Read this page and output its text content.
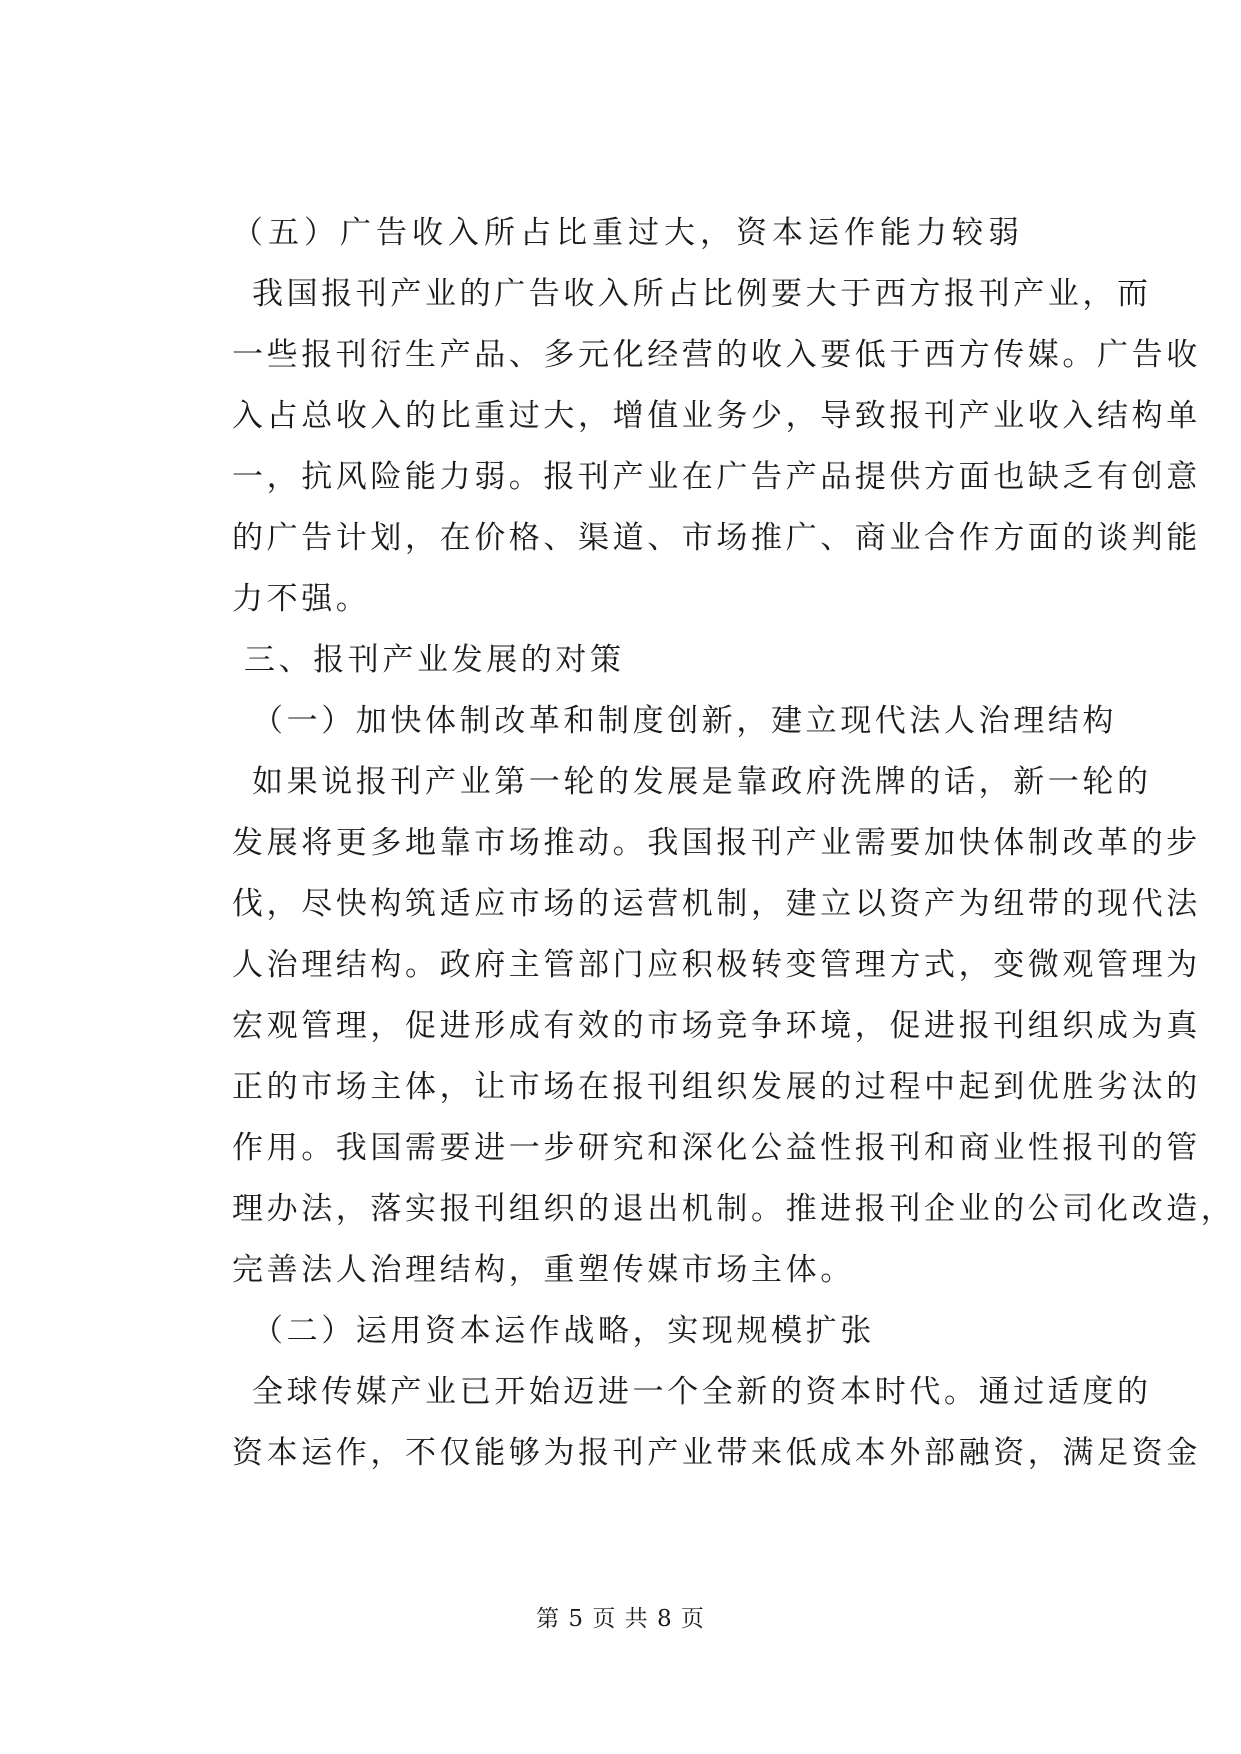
（五）广告收入所占比重过大，资本运作能力较弱
我国报刊产业的广告收入所占比例要大于西方报刊产业，而
一些报刊衍生产品、多元化经营的收入要低于西方传媒。广告收
入占总收入的比重过大，增值业务少，导致报刊产业收入结构单
一，抗风险能力弱。报刊产业在广告产品提供方面也缺乏有创意
的广告计划，在价格、渠道、市场推广、商业合作方面的谈判能
力不强。
三、报刊产业发展的对策
（一）加快体制改革和制度创新，建立现代法人治理结构
如果说报刊产业第一轮的发展是靠政府洗牌的话，新一轮的
发展将更多地靠市场推动。我国报刊产业需要加快体制改革的步
伐，尽快构筑适应市场的运营机制，建立以资产为纽带的现代法
人治理结构。政府主管部门应积极转变管理方式，变微观管理为
宏观管理，促进形成有效的市场竞争环境，促进报刊组织成为真
正的市场主体，让市场在报刊组织发展的过程中起到优胜劣汰的
作用。我国需要进一步研究和深化公益性报刊和商业性报刊的管
理办法，落实报刊组织的退出机制。推进报刊企业的公司化改造，
完善法人治理结构，重塑传媒市场主体。
（二）运用资本运作战略，实现规模扩张
全球传媒产业已开始迈进一个全新的资本时代。通过适度的
资本运作，不仅能够为报刊产业带来低成本外部融资，满足资金
第 5 页 共 8 页
